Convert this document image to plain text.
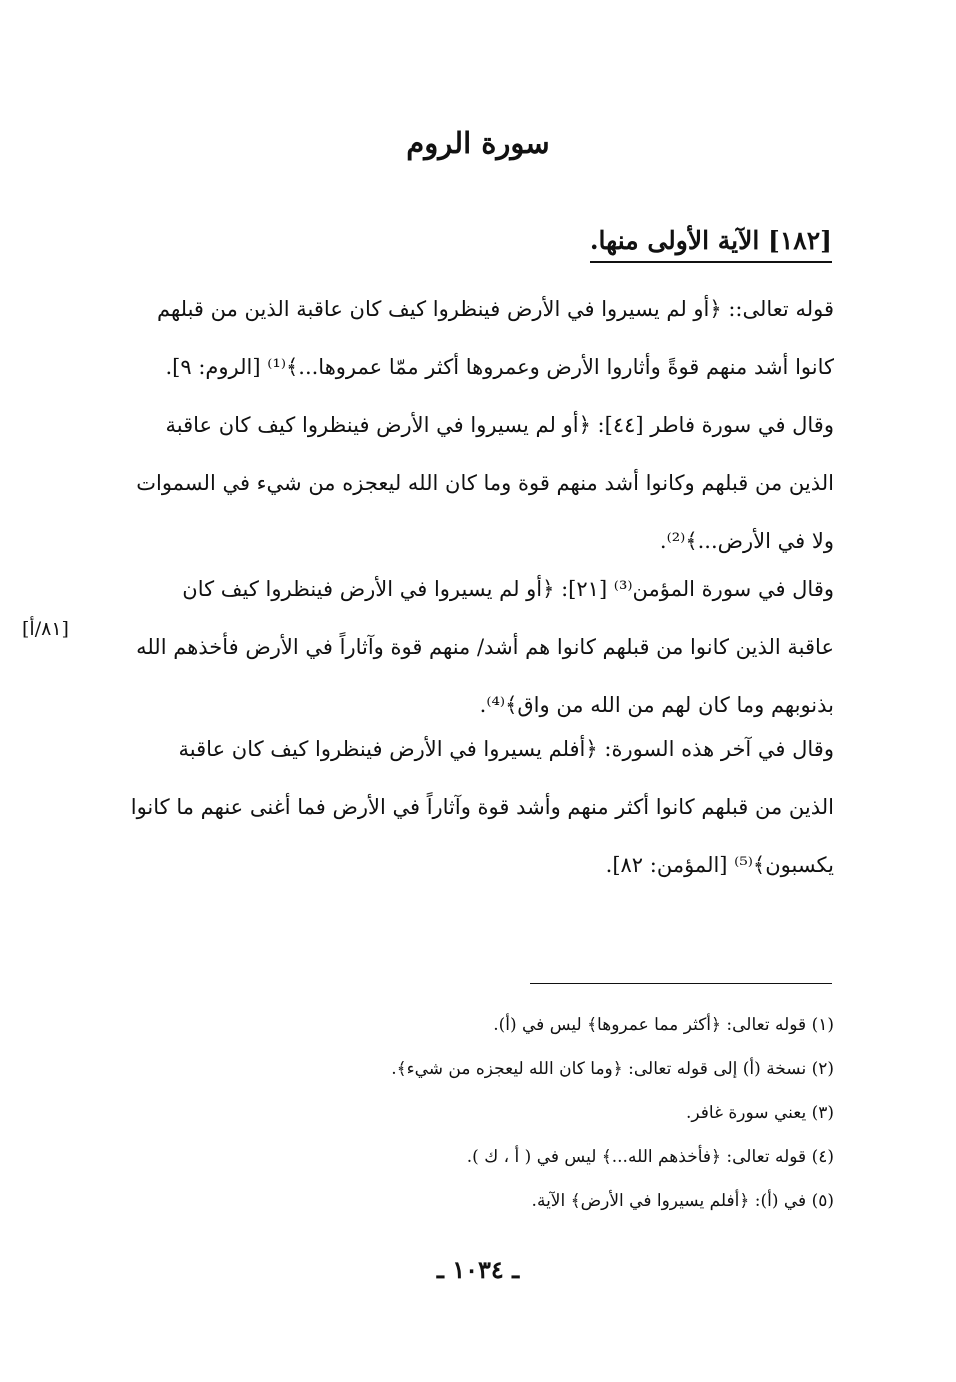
سورة الروم
[١٨٢] الآية الأولى منها.
قوله تعالى:: ﴿أو لم يسيروا في الأرض فينظروا كيف كان عاقبة الذين من قبلهم
كانوا أشد منهم قوةً وأثاروا الأرض وعمروها أكثر ممّا عمروها...﴾⁽¹⁾ [الروم: ٩].
وقال في سورة فاطر [٤٤]: ﴿أو لم يسيروا في الأرض فينظروا كيف كان عاقبة
الذين من قبلهم وكانوا أشد منهم قوة وما كان الله ليعجزه من شيء في السموات
ولا في الأرض...﴾⁽²⁾.
وقال في سورة المؤمن⁽³⁾ [٢١]: ﴿أو لم يسيروا في الأرض فينظروا كيف كان
عاقبة الذين كانوا من قبلهم كانوا هم أشد/ منهم قوة وآثاراً في الأرض فأخذهم الله
بذنوبهم وما كان لهم من الله من واق﴾⁽⁴⁾.
[٨١/أ]
وقال في آخر هذه السورة: ﴿أفلم يسيروا في الأرض فينظروا كيف كان عاقبة
الذين من قبلهم كانوا أكثر منهم وأشد قوة وآثاراً في الأرض فما أغنى عنهم ما كانوا
يكسبون﴾⁽⁵⁾ [المؤمن: ٨٢].
(١) قوله تعالى: ﴿أكثر مما عمروها﴾ ليس في (أ).
(٢) نسخة (أ) إلى قوله تعالى: ﴿وما كان الله ليعجزه من شيء﴾.
(٣) يعني سورة غافر.
(٤) قوله تعالى: ﴿فأخذهم الله...﴾ ليس في ( أ ، ك ).
(٥) في (أ): ﴿أفلم يسيروا في الأرض﴾ الآية.
ـ ١٠٣٤ ـ
